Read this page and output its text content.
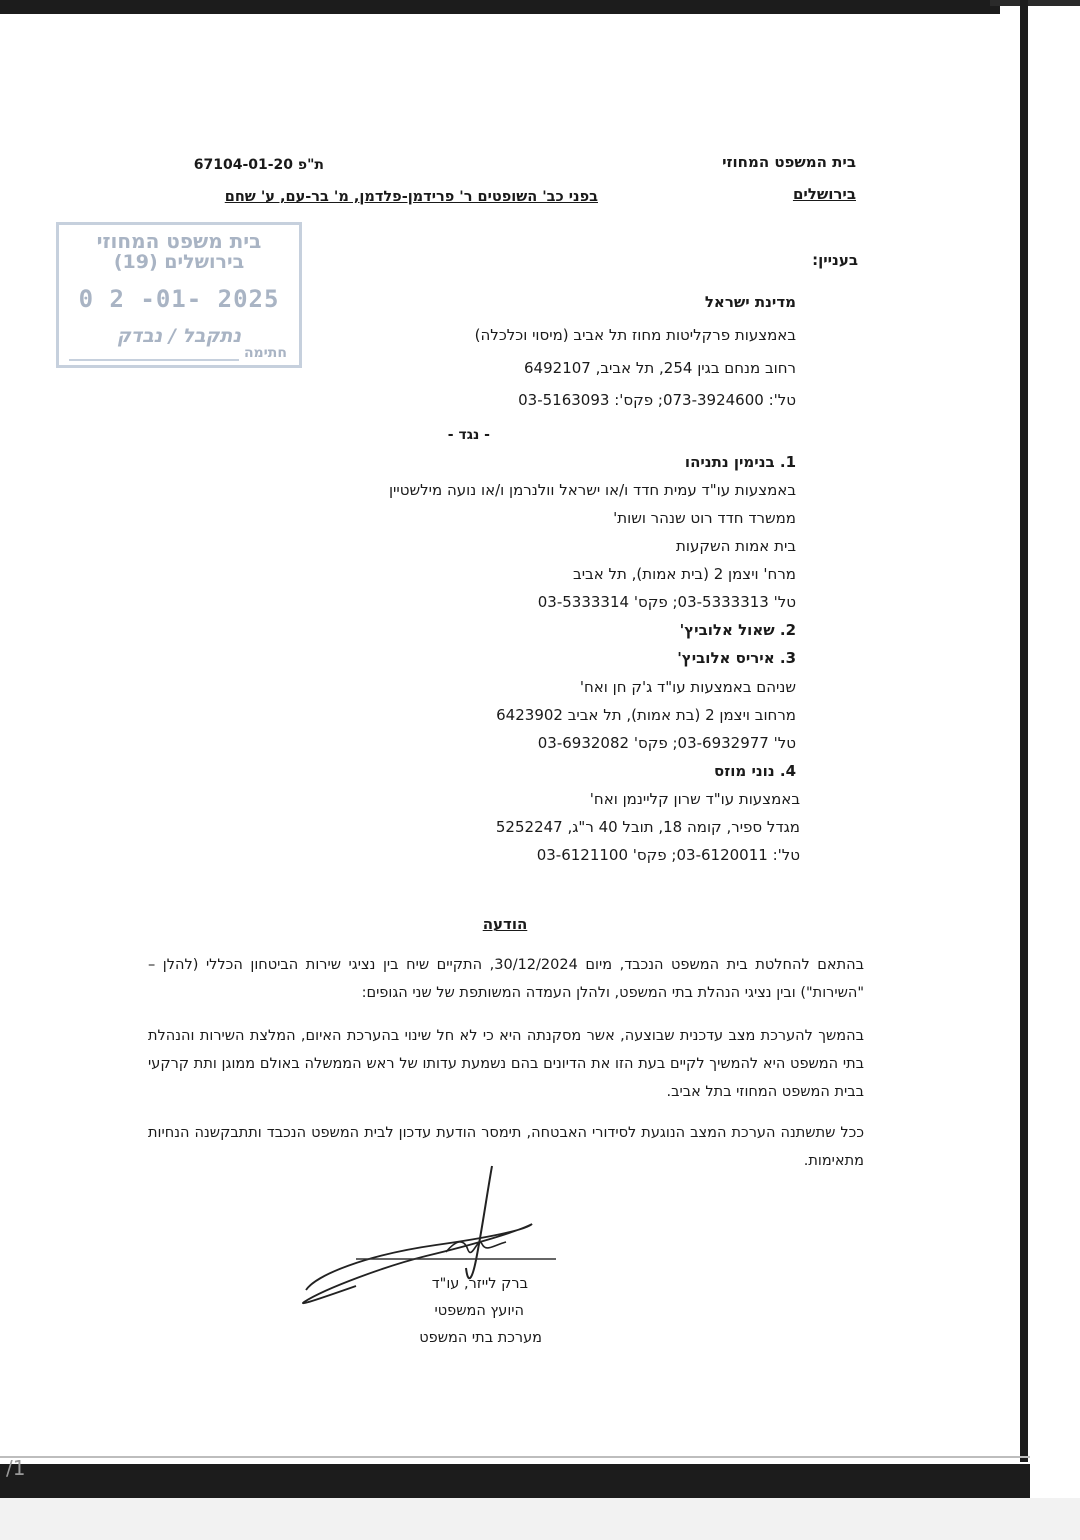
/1
בית המשפט המחוזי
בירושלים
ת"פ 67104-01-20
בפני כב' השופטים ר' פרידמן-פלדמן, מ' בר-עם, ע' שחם
בית משפט המחוזי
בירושלים (19)
0 2 -01- 2025
נתקבל / נבדק
חתימה
בעניין:
מדינת ישראל
באמצעות פרקליטות מחוז תל אביב (מיסוי וכלכלה)
רחוב מנחם בגין 254, תל אביב, 6492107
טל': 073-3924600; פקס': 03-5163093
- נגד -
1. בנימין נתניהו
באמצעות עו"ד עמית חדד ו/או ישראל וולנרמן ו/או נועה מילשטיין
ממשרד חדד רוט שנהר ושות'
בית אמות השקעות
מרח' ויצמן 2 (בית אמות), תל אביב
טל' 03-5333313; פקס' 03-5333314
2. שאול אלוביץ'
3. איריס אלוביץ'
שניהם באמצעות עו"ד ג'ק חן ואח'
מרחוב ויצמן 2 (בת אמות), תל אביב 6423902
טל' 03-6932977; פקס' 03-6932082
4. נוני מוזס
באמצעות עו"ד שרון קליינמן ואח'
מגדל ספיר, קומה 18, תובל 40 ר"ג, 5252247
טל': 03-6120011; פקס' 03-6121100
הודעה
בהתאם להחלטת בית המשפט הנכבד, מיום 30/12/2024, התקיים שיח בין נציגי שירות הביטחון הכללי (להלן – "השירות") ובין נציגי הנהלת בתי המשפט, ולהלן העמדה המשותפת של שני הגופים:
בהמשך להערכת מצב עדכנית שבוצעה, אשר מסקנתה היא כי לא חל שינוי בהערכת האיום, המלצת השירות והנהלת בתי המשפט היא להמשיך לקיים בעת הזו את הדיונים בהם נשמעת עדותו של ראש הממשלה באולם ממוגן ותת קרקעי בבית המשפט המחוזי בתל אביב.
ככל שתשתנה הערכת המצב הנוגעת לסידורי האבטחה, תימסר הודעת עדכון לבית המשפט הנכבד ותתבקשנה הנחיות מתאימות.
ברק לייזר, עו"ד
היועץ המשפטי
מערכת בתי המשפט
